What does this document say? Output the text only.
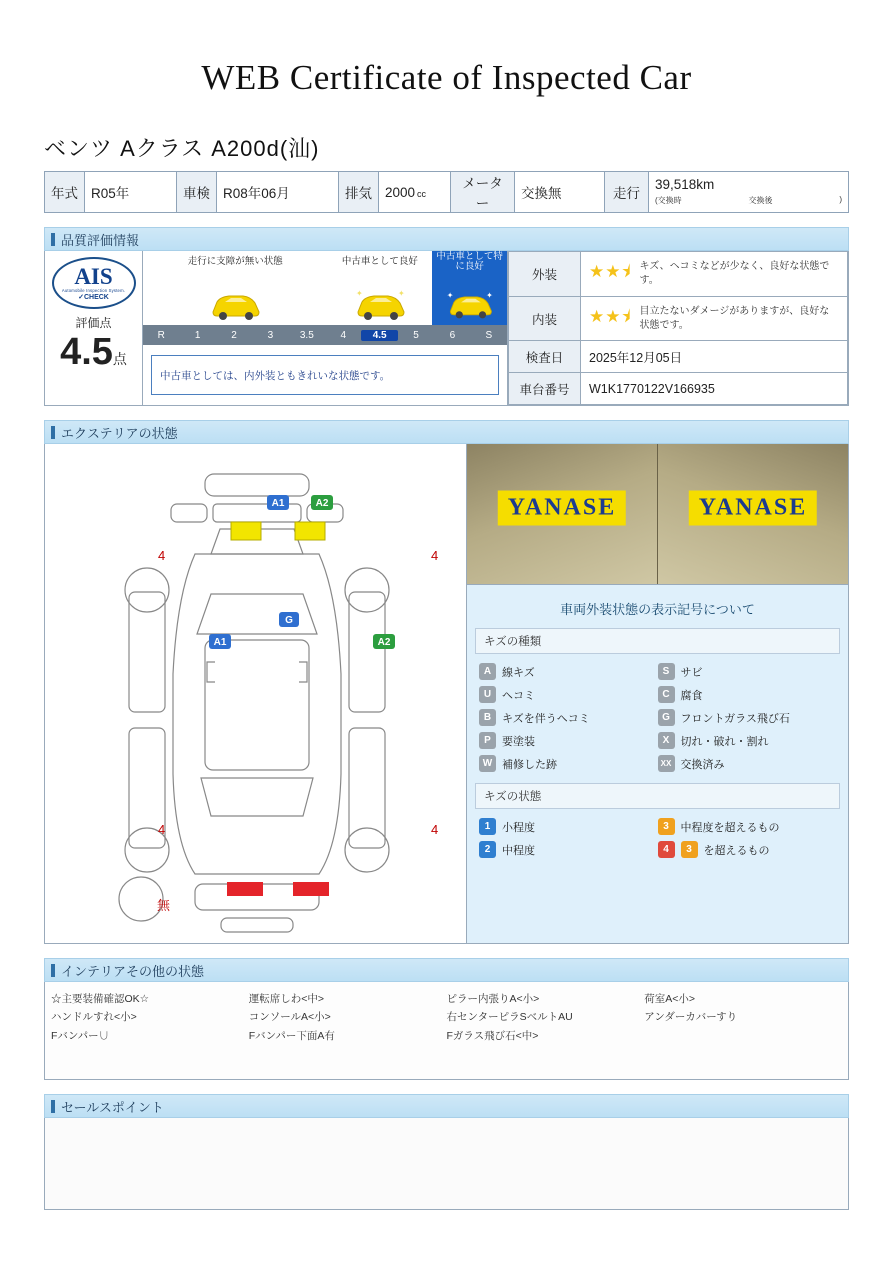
WEB Certificate of Inspected Car
ベンツ Aクラス A200d(汕)
年式	R05年	車検	R08年06月	排気	2000 cc
	メーター	交換無	走行	
39,518km
(交換時	交換後	)
品質評価情報
AIS
Automobile Inspection System.
✓CHECK
評価点
4.5点
走行に支障が無い状態	中古車として良好	中古車として特に良好
✦	✦	✦	✦
R	1	2	3	3.5	4	4.5	5	6	S
中古車としては、内外装ともきれいな状態です。
外装	★★⯨ キズ、ヘコミなどが少なく、良好な状態です。

内装	★★⯨ 目立たないダメージがありますが、良好な状態です。

検査日	2025年12月05日
車台番号	W1K1770122V166935
エクステリアの状態
A1	A2
A1
G
A2
4	4
4	4
無
YANASE	YANASE
車両外装状態の表示記号について
キズの種類
A 線キズ	S	サビ
U ヘコミ	C 腐食
B キズを伴うヘコミ	G フロントガラス飛び石
P	要塗装	X	切れ・破れ・割れ
W 補修した跡	XX 交換済み
キズの状態
1	小程度	3	中程度を超えるもの
2	中程度	4	3	を超えるもの
インテリアその他の状態
☆主要装備確認OK☆
ハンドルすれ<小>
Fバンパー∪
運転席しわ<中>
コンソールA<小>
Fバンパー下面A有
ピラー内張りA<小>
右センターピラSベルトAU
Fガラス飛び石<中>
荷室A<小>
アンダーカバーすり
セールスポイント
